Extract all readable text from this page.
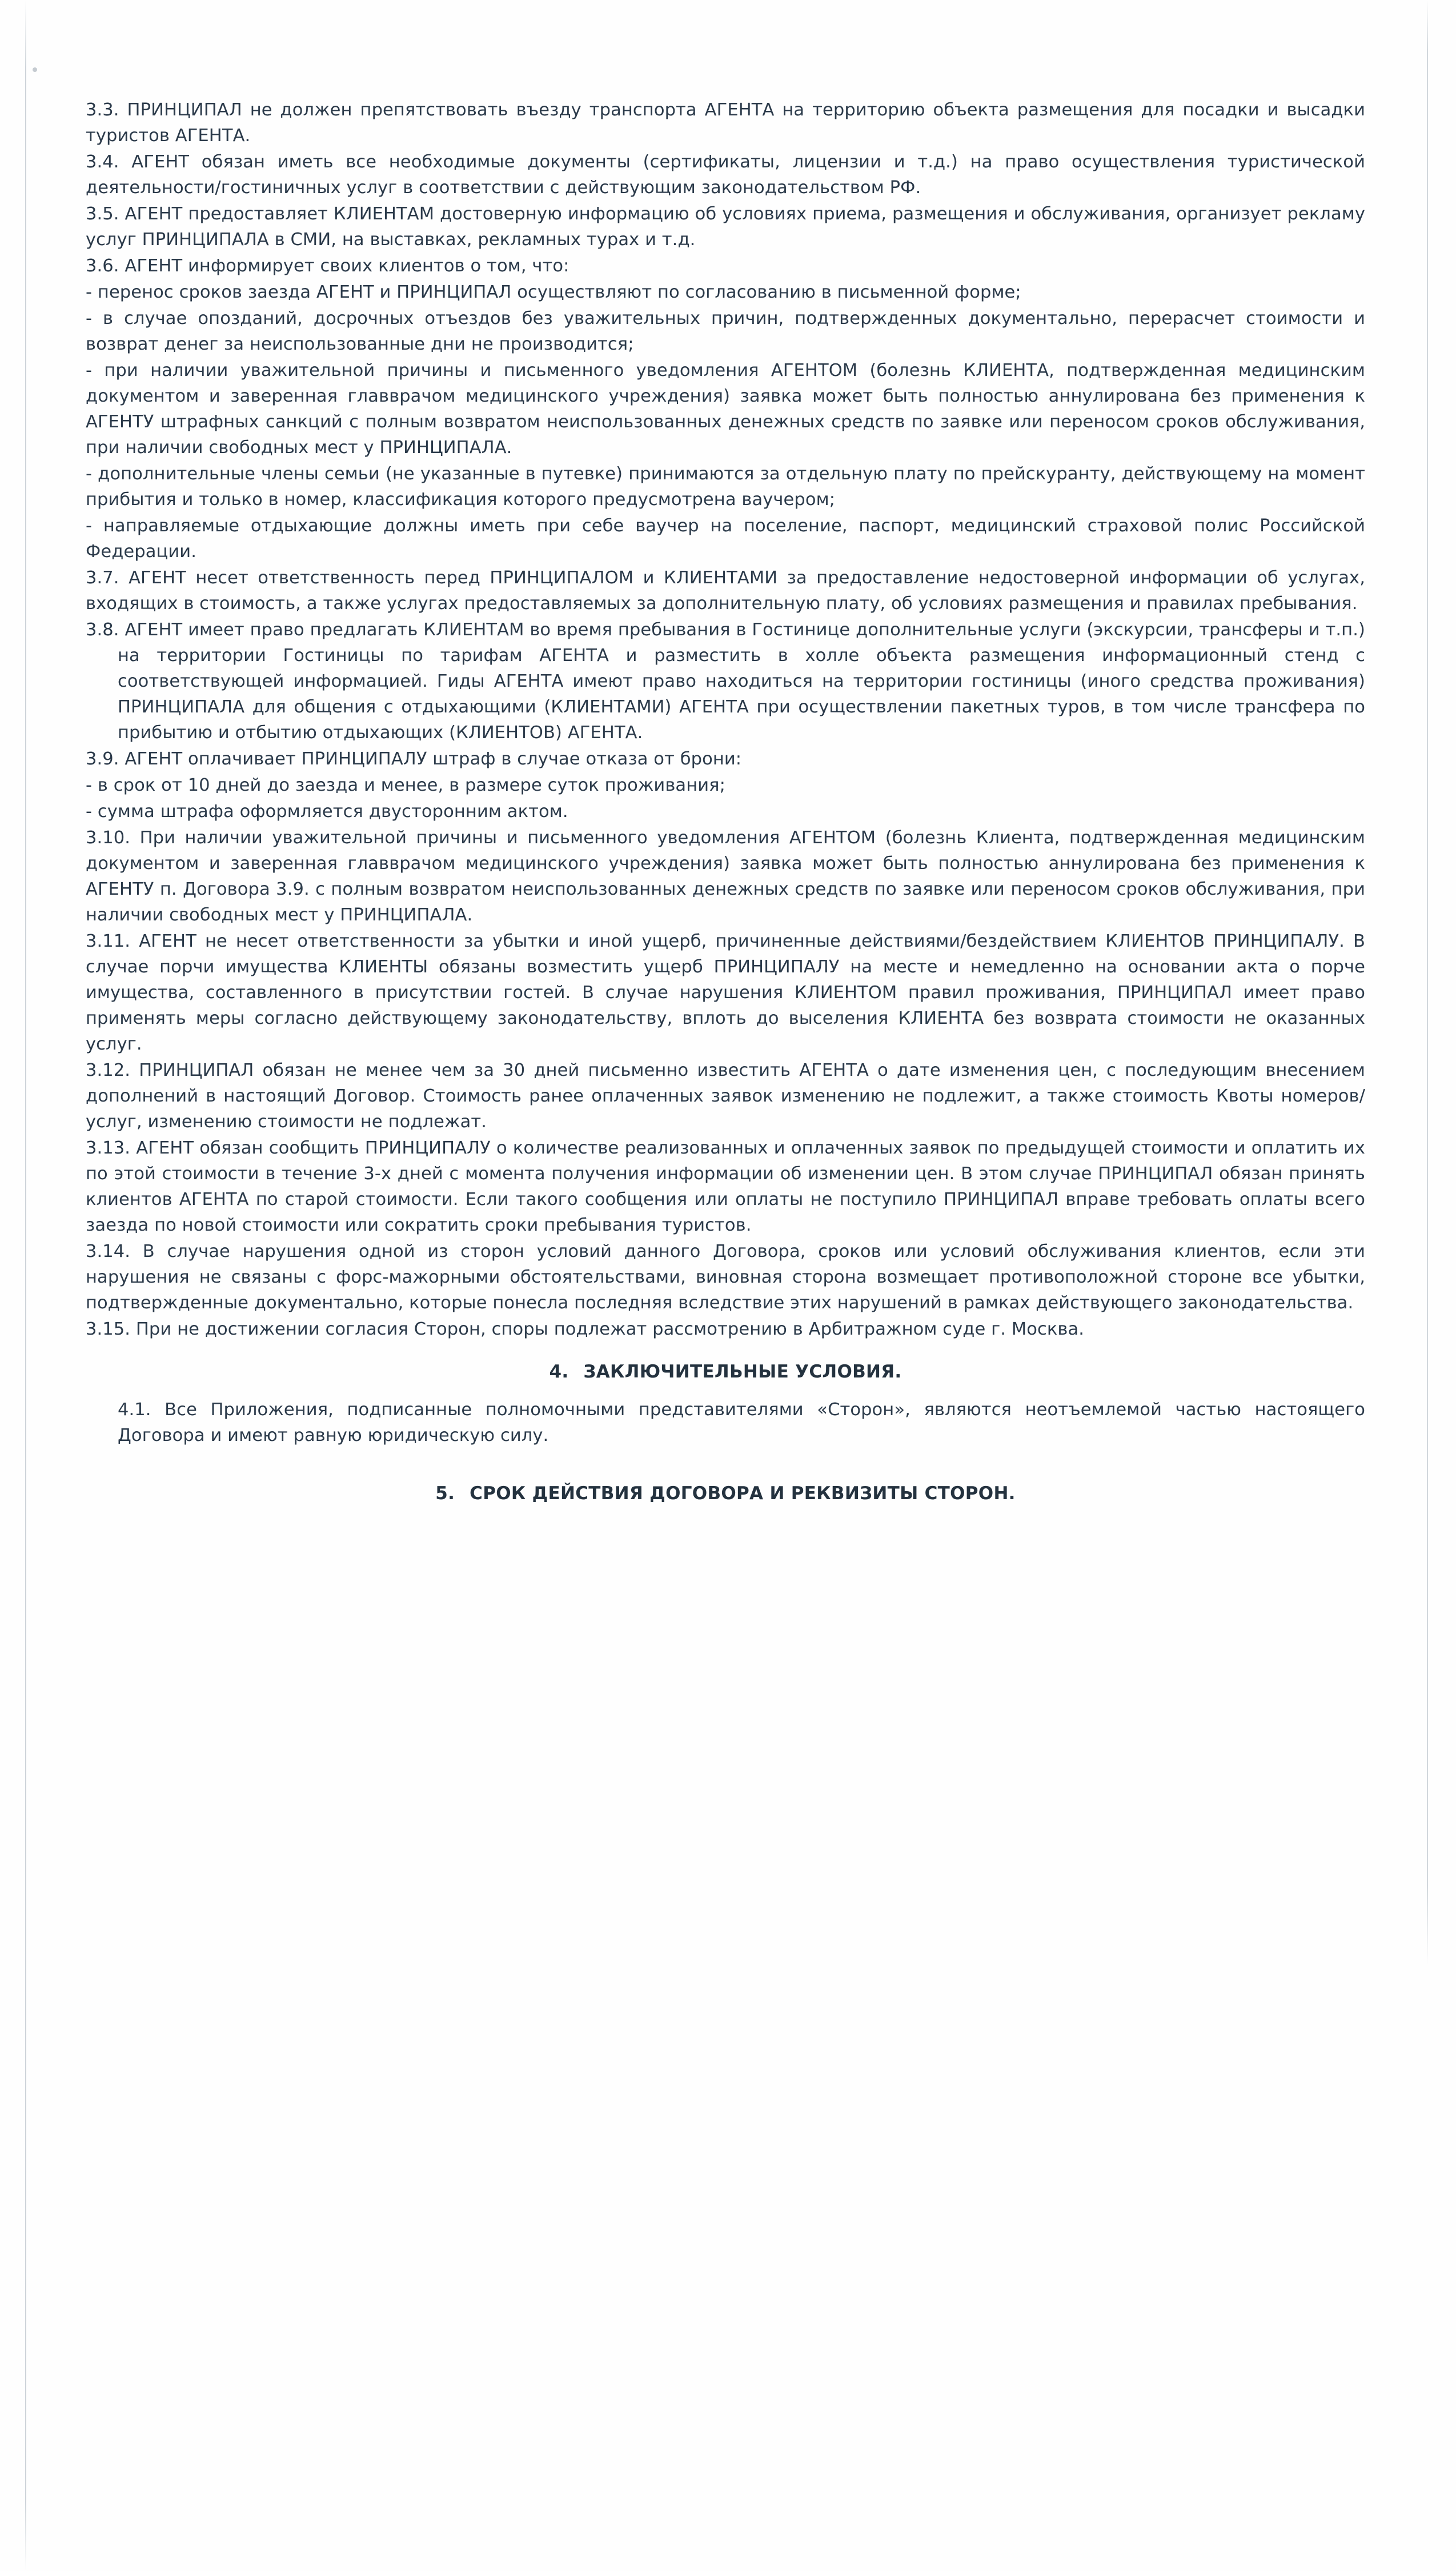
3.3. ПРИНЦИПАЛ не должен препятствовать въезду транспорта АГЕНТА на территорию объекта размещения для посадки и высадки туристов АГЕНТА.

3.4. АГЕНТ обязан иметь все необходимые документы (сертификаты, лицензии и т.д.) на право осуществления туристической деятельности/гостиничных услуг в соответствии с действующим законодательством РФ.

3.5. АГЕНТ предоставляет КЛИЕНТАМ достоверную информацию об условиях приема, размещения и обслуживания, организует рекламу услуг ПРИНЦИПАЛА в СМИ, на выставках, рекламных турах и т.д.

3.6. АГЕНТ информирует своих клиентов о том, что:

- перенос сроков заезда АГЕНТ и ПРИНЦИПАЛ осуществляют по согласованию в письменной форме;

- в случае опозданий, досрочных отъездов без уважительных причин, подтвержденных документально, перерасчет стоимости и возврат денег за неиспользованные дни не производится;

- при наличии уважительной причины и письменного уведомления АГЕНТОМ (болезнь КЛИЕНТА, подтвержденная медицинским документом и заверенная главврачом медицинского учреждения) заявка может быть полностью аннулирована без применения к АГЕНТУ штрафных санкций с полным возвратом неиспользованных денежных средств по заявке или переносом сроков обслуживания, при наличии свободных мест у ПРИНЦИПАЛА.

- дополнительные члены семьи (не указанные в путевке) принимаются за отдельную плату по прейскуранту, действующему на момент прибытия и только в номер, классификация которого предусмотрена ваучером;

- направляемые отдыхающие должны иметь при себе ваучер на поселение, паспорт, медицинский страховой полис Российской Федерации.

3.7. АГЕНТ несет ответственность перед ПРИНЦИПАЛОМ и КЛИЕНТАМИ за предоставление недостоверной информации об услугах, входящих в стоимость, а также услугах предоставляемых за дополнительную плату, об условиях размещения и правилах пребывания.

3.8. АГЕНТ имеет право предлагать КЛИЕНТАМ во время пребывания в Гостинице дополнительные услуги (экскурсии, трансферы и т.п.) на территории Гостиницы по тарифам АГЕНТА и разместить в холле объекта размещения информационный стенд с соответствующей информацией. Гиды АГЕНТА имеют право находиться на территории гостиницы (иного средства проживания) ПРИНЦИПАЛА для общения с отдыхающими (КЛИЕНТАМИ) АГЕНТА при осуществлении пакетных туров, в том числе трансфера по прибытию и отбытию отдыхающих (КЛИЕНТОВ) АГЕНТА.

3.9. АГЕНТ оплачивает ПРИНЦИПАЛУ штраф в случае отказа от брони:

- в срок от 10 дней до заезда и менее, в размере суток проживания;

- сумма штрафа оформляется двусторонним актом.

3.10. При наличии уважительной причины и письменного уведомления АГЕНТОМ (болезнь Клиента, подтвержденная медицинским документом и заверенная главврачом медицинского учреждения) заявка может быть полностью аннулирована без применения к АГЕНТУ п. Договора 3.9. с полным возвратом неиспользованных денежных средств по заявке или переносом сроков обслуживания, при наличии свободных мест у ПРИНЦИПАЛА.

3.11. АГЕНТ не несет ответственности за убытки и иной ущерб, причиненные действиями/бездействием КЛИЕНТОВ ПРИНЦИПАЛУ. В случае порчи имущества КЛИЕНТЫ обязаны возместить ущерб ПРИНЦИПАЛУ на месте и немедленно на основании акта о порче имущества, составленного в присутствии гостей. В случае нарушения КЛИЕНТОМ правил проживания, ПРИНЦИПАЛ имеет право применять меры согласно действующему законодательству, вплоть до выселения КЛИЕНТА без возврата стоимости не оказанных услуг.

3.12. ПРИНЦИПАЛ обязан не менее чем за 30 дней письменно известить АГЕНТА о дате изменения цен, с последующим внесением дополнений в настоящий Договор. Стоимость ранее оплаченных заявок изменению не подлежит, а также стоимость Квоты номеров/услуг, изменению стоимости не подлежат.

3.13. АГЕНТ обязан сообщить ПРИНЦИПАЛУ о количестве реализованных и оплаченных заявок по предыдущей стоимости и оплатить их по этой стоимости в течение 3-х дней с момента получения информации об изменении цен. В этом случае ПРИНЦИПАЛ обязан принять клиентов АГЕНТА по старой стоимости. Если такого сообщения или оплаты не поступило ПРИНЦИПАЛ вправе требовать оплаты всего заезда по новой стоимости или сократить сроки пребывания туристов.

3.14. В случае нарушения одной из сторон условий данного Договора, сроков или условий обслуживания клиентов, если эти нарушения не связаны с форс-мажорными обстоятельствами, виновная сторона возмещает противоположной стороне все убытки, подтвержденные документально, которые понесла последняя вследствие этих нарушений в рамках действующего законодательства.

3.15. При не достижении согласия Сторон, споры подлежат рассмотрению в Арбитражном суде г. Москва.

4. ЗАКЛЮЧИТЕЛЬНЫЕ УСЛОВИЯ.

4.1. Все Приложения, подписанные полномочными представителями «Сторон», являются неотъемлемой частью настоящего Договора и имеют равную юридическую силу.

5. СРОК ДЕЙСТВИЯ ДОГОВОРА И РЕКВИЗИТЫ СТОРОН.
